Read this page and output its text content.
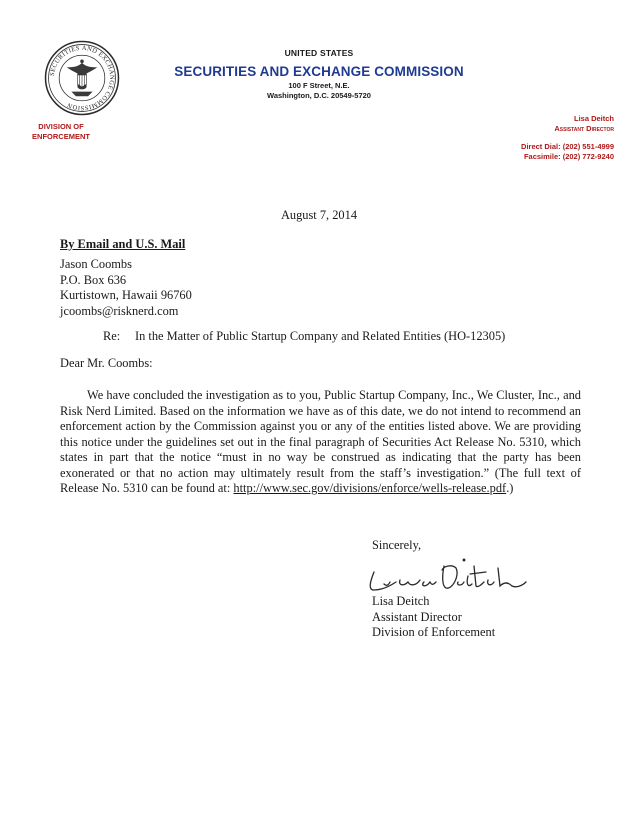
SECURITIES AND EXCHANGE COMMISSION
UNITED STATES
SECURITIES AND EXCHANGE COMMISSION
100 F Street, N.E.
Washington, D.C. 20549-5720
DIVISION OF
ENFORCEMENT
Lisa Deitch
Assistant Director
Direct Dial: (202) 551-4999
Facsimile: (202) 772-9240
August 7, 2014
By Email and U.S. Mail
Jason Coombs
P.O. Box 636
Kurtistown, Hawaii 96760
jcoombs@risknerd.com
Re: In the Matter of Public Startup Company and Related Entities (HO-12305)
Dear Mr. Coombs:
We have concluded the investigation as to you, Public Startup Company, Inc., We Cluster, Inc., and Risk Nerd Limited. Based on the information we have as of this date, we do not intend to recommend an enforcement action by the Commission against you or any of the entities listed above. We are providing this notice under the guidelines set out in the final paragraph of Securities Act Release No. 5310, which states in part that the notice “must in no way be construed as indicating that the party has been exonerated or that no action may ultimately result from the staff’s investigation.” (The full text of Release No. 5310 can be found at: http://www.sec.gov/divisions/enforce/wells-release.pdf.)
Sincerely,
Lisa Deitch
Assistant Director
Division of Enforcement
